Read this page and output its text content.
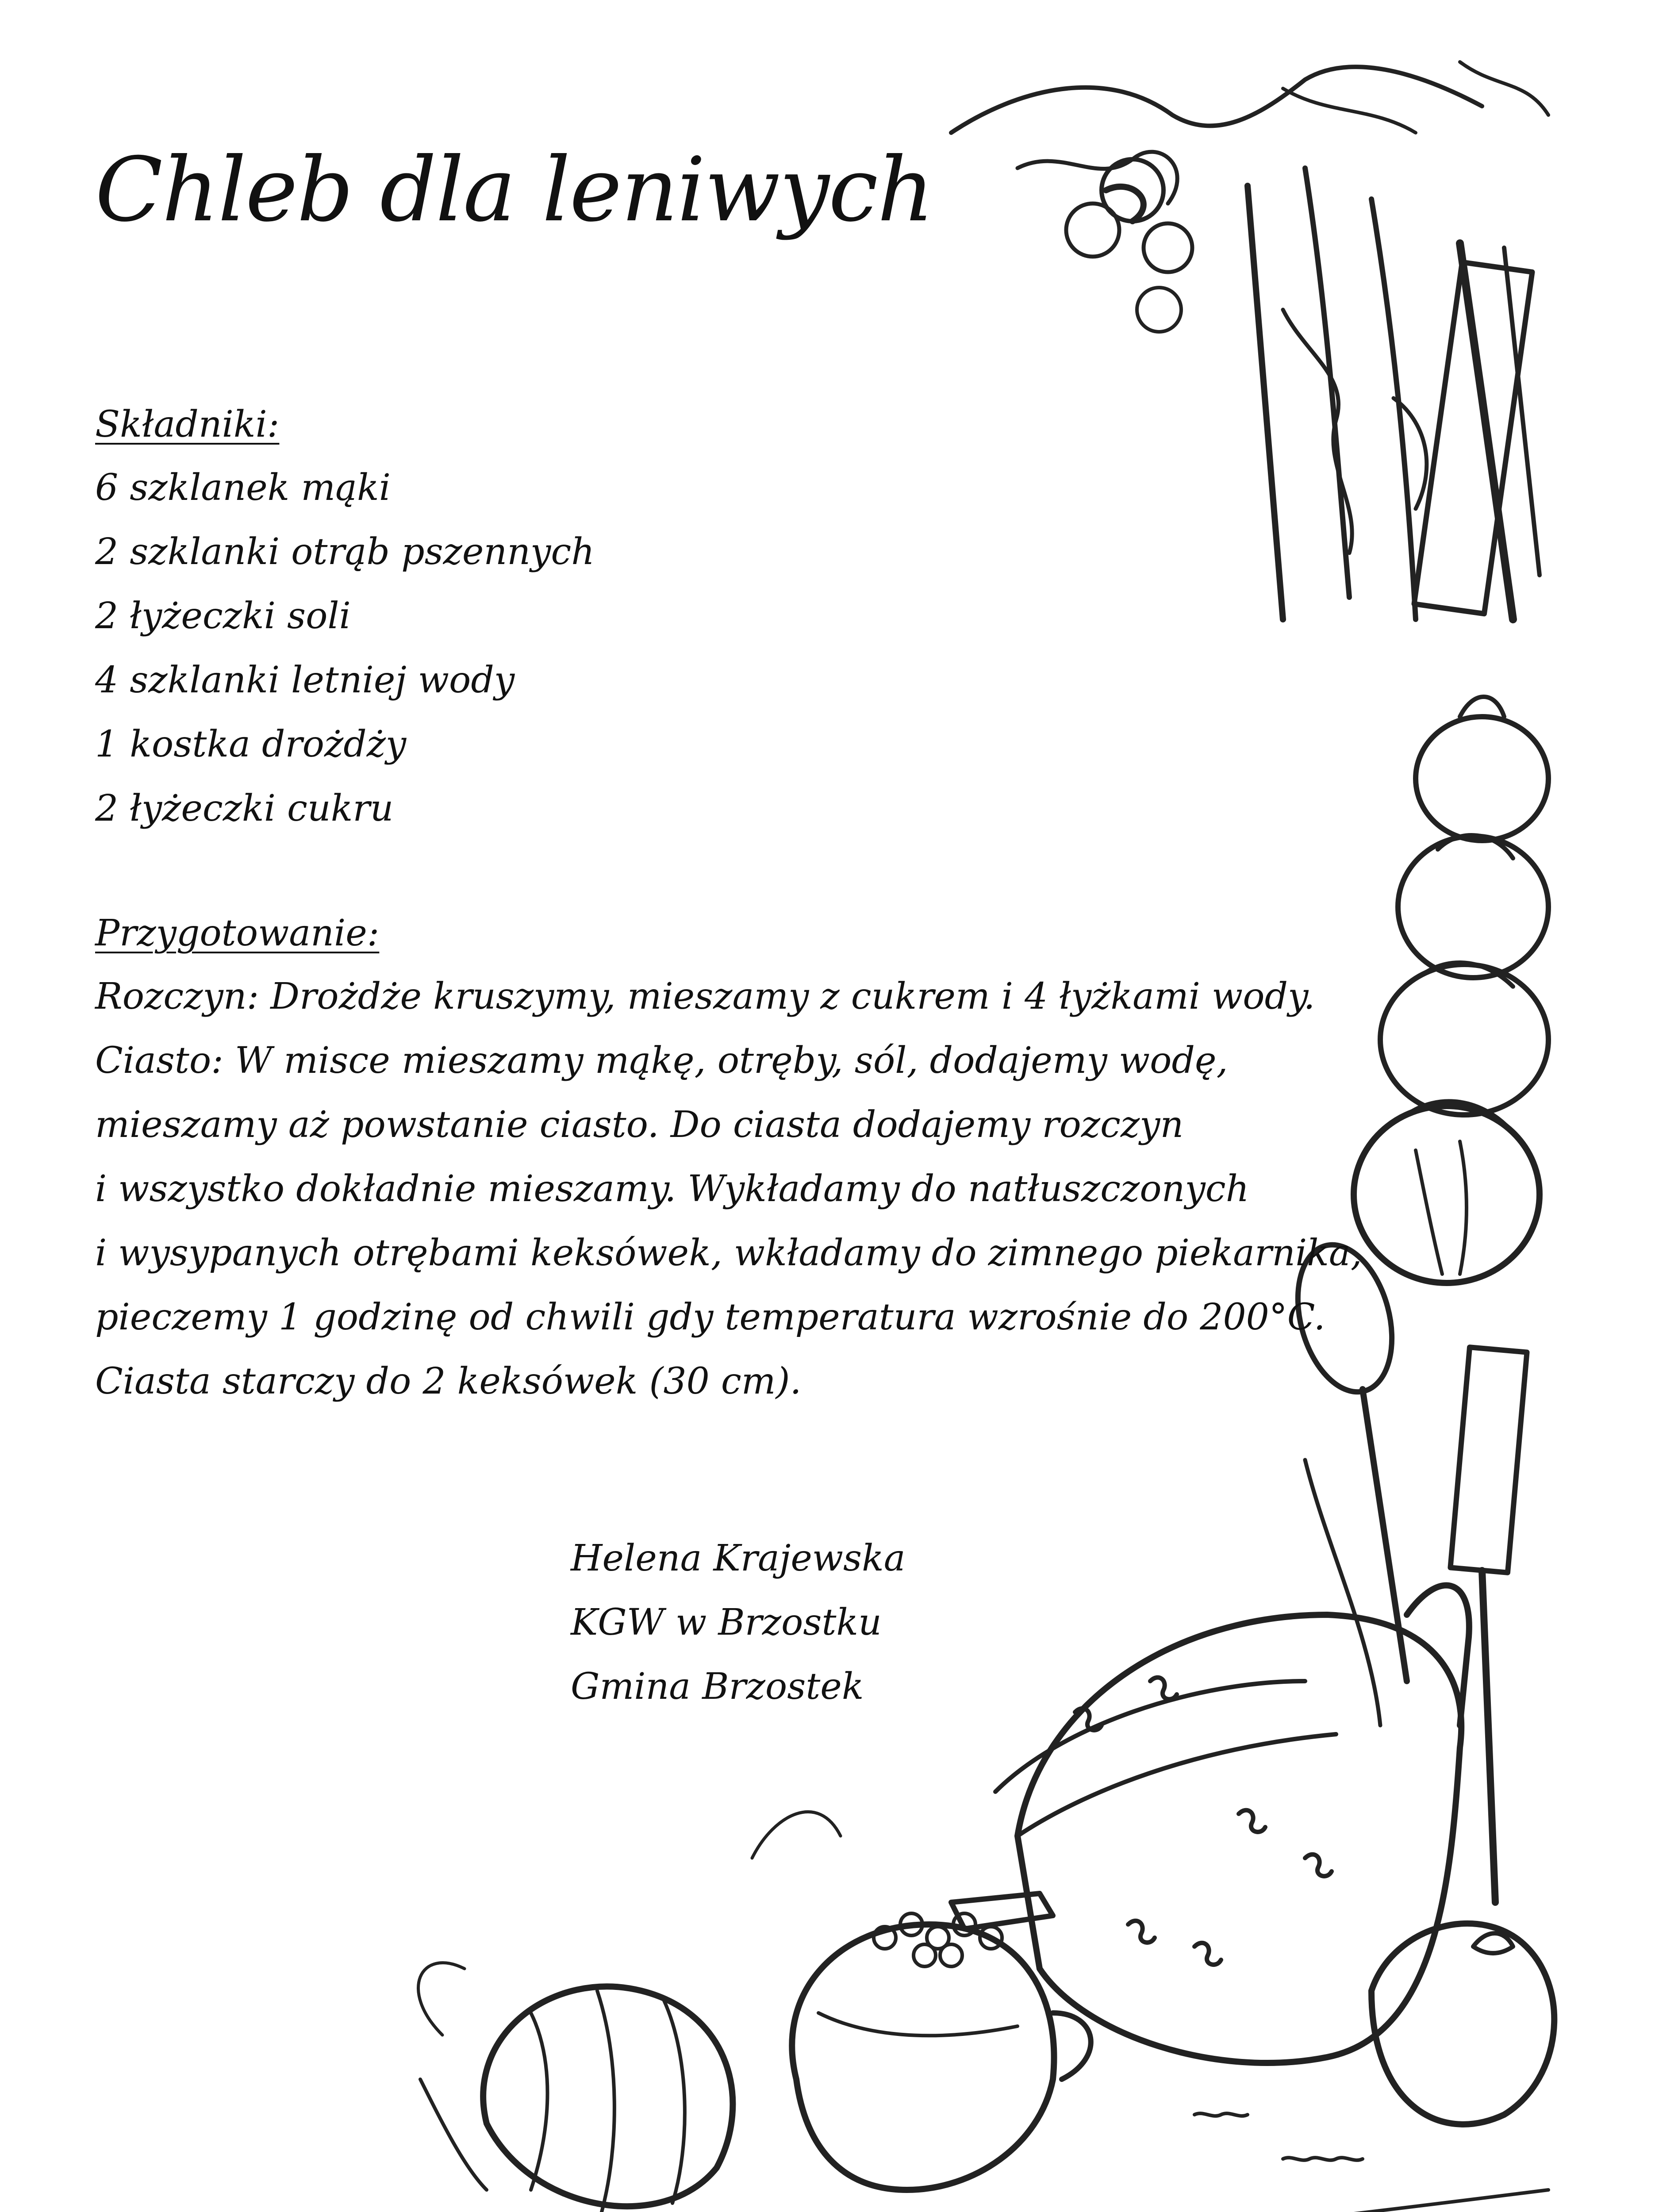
Chleb dla leniwych
Składniki:
6 szklanek mąki
2 szklanki otrąb pszennych
2 łyżeczki soli
4 szklanki letniej wody
1 kostka drożdży
2 łyżeczki cukru
Przygotowanie:
Rozczyn: Drożdże kruszymy, mieszamy z cukrem i 4 łyżkami wody.
Ciasto: W misce mieszamy mąkę, otręby, sól, dodajemy wodę,
mieszamy aż powstanie ciasto. Do ciasta dodajemy rozczyn
i wszystko dokładnie mieszamy. Wykładamy do natłuszczonych
i wysypanych otrębami keksówek, wkładamy do zimnego piekarnika,
pieczemy 1 godzinę od chwili gdy temperatura wzrośnie do 200°C.
Ciasta starczy do 2 keksówek (30 cm).
Helena Krajewska
KGW w Brzostku
Gmina Brzostek
